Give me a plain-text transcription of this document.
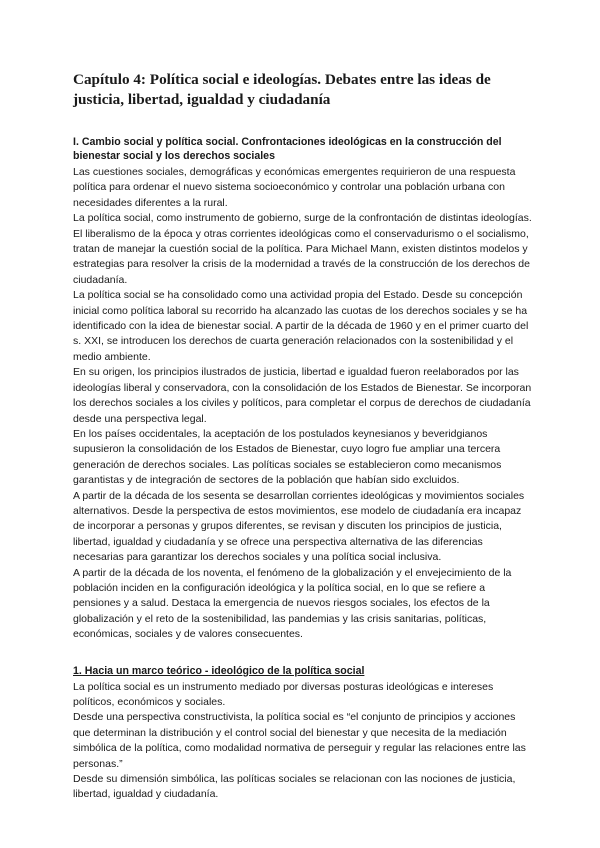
Capítulo 4: Política social e ideologías. Debates entre las ideas de justicia, libertad, igualdad y ciudadanía
I. Cambio social y política social. Confrontaciones ideológicas en la construcción del bienestar social y los derechos sociales

Las cuestiones sociales, demográficas y económicas emergentes requirieron de una respuesta política para ordenar el nuevo sistema socioeconómico y controlar una población urbana con necesidades diferentes a la rural.

La política social, como instrumento de gobierno, surge de la confrontación de distintas ideologías. El liberalismo de la época y otras corrientes ideológicas como el conservadurismo o el socialismo, tratan de manejar la cuestión social de la política. Para Michael Mann, existen distintos modelos y estrategias para resolver la crisis de la modernidad a través de la construcción de los derechos de ciudadanía.

La política social se ha consolidado como una actividad propia del Estado. Desde su concepción inicial como política laboral su recorrido ha alcanzado las cuotas de los derechos sociales y se ha identificado con la idea de bienestar social. A partir de la década de 1960 y en el primer cuarto del s. XXI, se introducen los derechos de cuarta generación relacionados con la sostenibilidad y el medio ambiente.

En su origen, los principios ilustrados de justicia, libertad e igualdad fueron reelaborados por las ideologías liberal y conservadora, con la consolidación de los Estados de Bienestar. Se incorporan los derechos sociales a los civiles y políticos, para completar el corpus de derechos de ciudadanía desde una perspectiva legal.

En los países occidentales, la aceptación de los postulados keynesianos y beveridgianos supusieron la consolidación de los Estados de Bienestar, cuyo logro fue ampliar una tercera generación de derechos sociales. Las políticas sociales se establecieron como mecanismos garantistas y de integración de sectores de la población que habían sido excluidos.

A partir de la década de los sesenta se desarrollan corrientes ideológicas y movimientos sociales alternativos. Desde la perspectiva de estos movimientos, ese modelo de ciudadanía era incapaz de incorporar a personas y grupos diferentes, se revisan y discuten los principios de justicia, libertad, igualdad y ciudadanía y se ofrece una perspectiva alternativa de las diferencias necesarias para garantizar los derechos sociales y una política social inclusiva.

A partir de la década de los noventa, el fenómeno de la globalización y el envejecimiento de la población inciden en la configuración ideológica y la política social, en lo que se refiere a pensiones y a salud. Destaca la emergencia de nuevos riesgos sociales, los efectos de la globalización y el reto de la sostenibilidad, las pandemias y las crisis sanitarias, políticas, económicas, sociales y de valores consecuentes.

1. Hacia un marco teórico - ideológico de la política social

La política social es un instrumento mediado por diversas posturas ideológicas e intereses políticos, económicos y sociales.

Desde una perspectiva constructivista, la política social es “el conjunto de principios y acciones que determinan la distribución y el control social del bienestar y que necesita de la mediación simbólica de la política, como modalidad normativa de perseguir y regular las relaciones entre las personas.”

Desde su dimensión simbólica, las políticas sociales se relacionan con las nociones de justicia, libertad, igualdad y ciudadanía.
